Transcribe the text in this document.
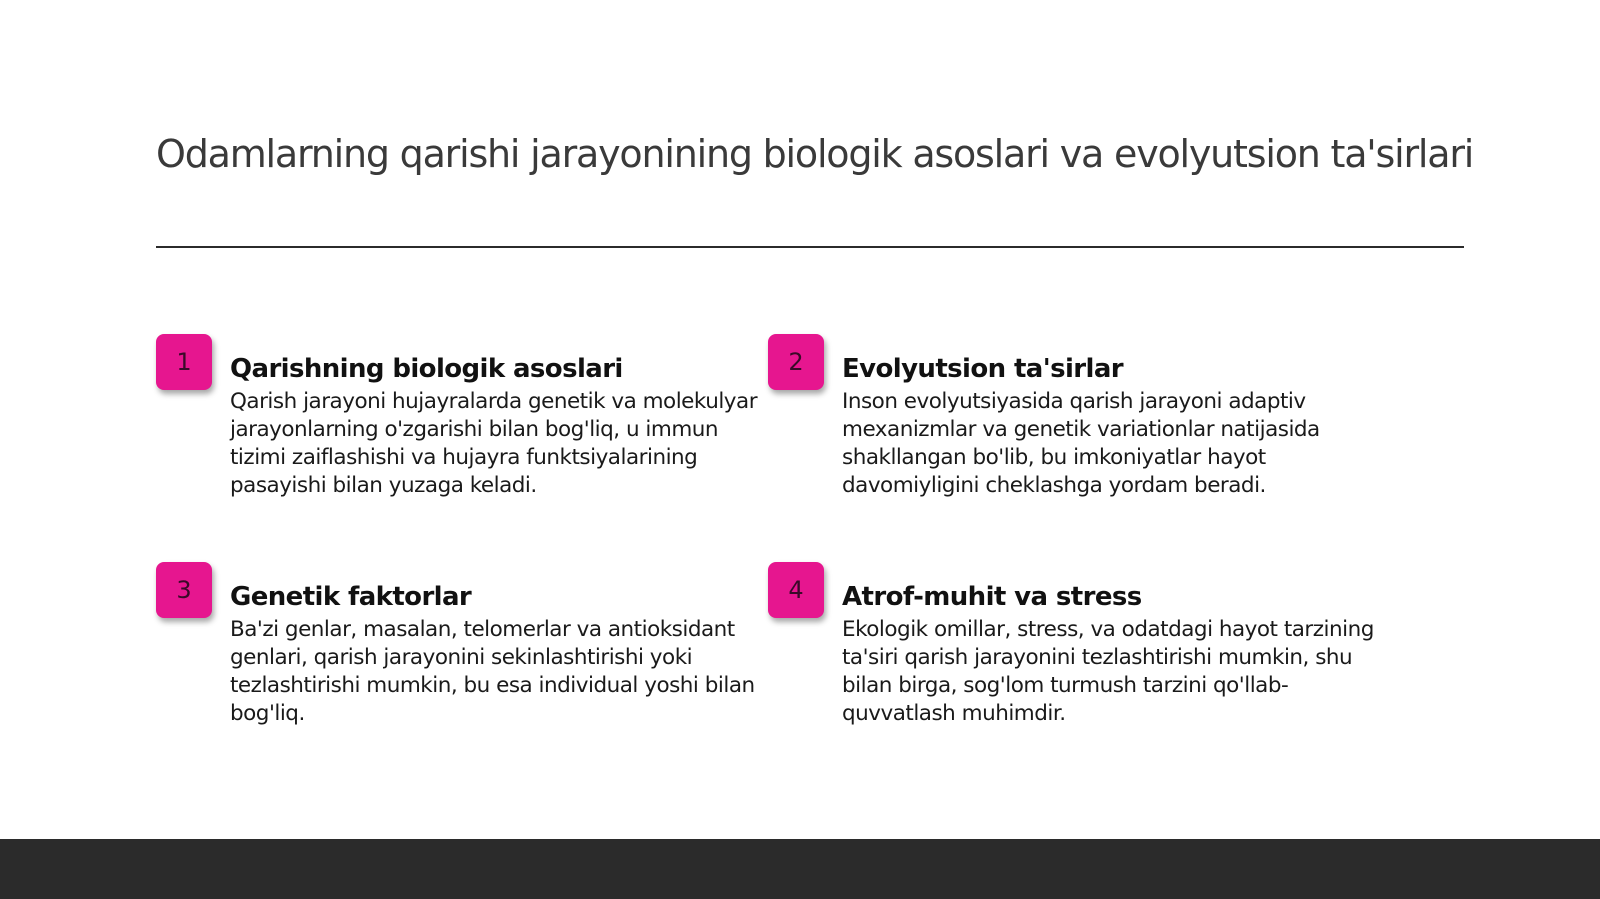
Odamlarning qarishi jarayonining biologik asoslari va evolyutsion ta'sirlari
1	Qarishning biologik asoslari

Qarish jarayoni hujayralarda genetik va molekulyar jarayonlarning o'zgarishi bilan bog'liq, u immun tizimi zaiflashishi va hujayra funktsiyalarining pasayishi bilan yuzaga keladi.

2	Evolyutsion ta'sirlar

Inson evolyutsiyasida qarish jarayoni adaptiv mexanizmlar va genetik variationlar natijasida shakllangan bo'lib, bu imkoniyatlar hayot davomiyligini cheklashga yordam beradi.

3	Genetik faktorlar

Ba'zi genlar, masalan, telomerlar va antioksidant genlari, qarish jarayonini sekinlashtirishi yoki tezlashtirishi mumkin, bu esa individual yoshi bilan bog'liq.

4	Atrof-muhit va stress

Ekologik omillar, stress, va odatdagi hayot tarzining ta'siri qarish jarayonini tezlashtirishi mumkin, shu bilan birga, sog'lom turmush tarzini qo'llab-quvvatlash muhimdir.
